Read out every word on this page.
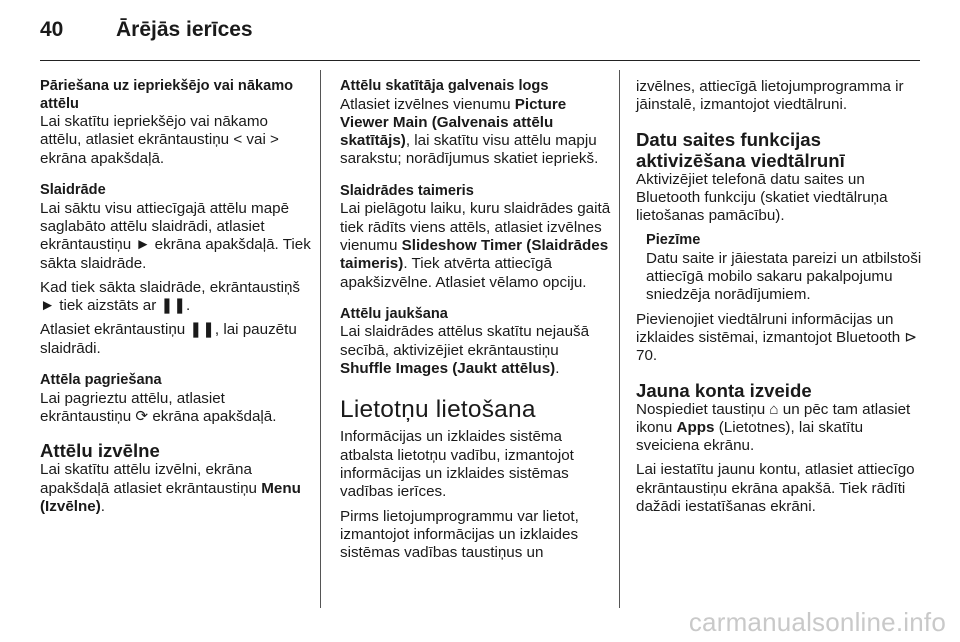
40	Ārējās ierīces
Pāriešana uz iepriekšējo vai nākamo attēlu

Lai skatītu iepriekšējo vai nākamo attēlu, atlasiet ekrāntaustiņu < vai > ekrāna apakšdaļā.

Slaidrāde

Lai sāktu visu attiecīgajā attēlu mapē saglabāto attēlu slaidrādi, atlasiet ekrāntaustiņu ► ekrāna apakšdaļā. Tiek sākta slaidrāde.

Kad tiek sākta slaidrāde, ekrāntaustiņš ► tiek aizstāts ar ❚❚.

Atlasiet ekrāntaustiņu ❚❚, lai pauzētu slaidrādi.

Attēla pagriešana

Lai pagrieztu attēlu, atlasiet ekrāntaustiņu ⟳ ekrāna apakšdaļā.

Attēlu izvēlne

Lai skatītu attēlu izvēlni, ekrāna apakšdaļā atlasiet ekrāntaustiņu Menu (Izvēlne).

Attēlu skatītāja galvenais logs

Atlasiet izvēlnes vienumu Picture Viewer Main (Galvenais attēlu skatītājs), lai skatītu visu attēlu mapju sarakstu; norādījumus skatiet iepriekš.

Slaidrādes taimeris

Lai pielāgotu laiku, kuru slaidrādes gaitā tiek rādīts viens attēls, atlasiet izvēlnes vienumu Slideshow Timer (Slaidrādes taimeris). Tiek atvērta attiecīgā apakšizvēlne. Atlasiet vēlamo opciju.

Attēlu jaukšana

Lai slaidrādes attēlus skatītu nejaušā secībā, aktivizējiet ekrāntaustiņu Shuffle Images (Jaukt attēlus).

Lietotņu lietošana

Informācijas un izklaides sistēma atbalsta lietotņu vadību, izmantojot informācijas un izklaides sistēmas vadības ierīces.

Pirms lietojumprogrammu var lietot, izmantojot informācijas un izklaides sistēmas vadības taustiņus un

izvēlnes, attiecīgā lietojumprogramma ir jāinstalē, izmantojot viedtālruni.

Datu saites funkcijas aktivizēšana viedtālrunī

Aktivizējiet telefonā datu saites un Bluetooth funkciju (skatiet viedtālruņa lietošanas pamācību).

Piezīme

Datu saite ir jāiestata pareizi un atbilstoši attiecīgā mobilo sakaru pakalpojumu sniedzēja norādījumiem.

Pievienojiet viedtālruni informācijas un izklaides sistēmai, izmantojot Bluetooth ⊳ 70.

Jauna konta izveide

Nospiediet taustiņu ⌂ un pēc tam atlasiet ikonu Apps (Lietotnes), lai skatītu sveiciena ekrānu.

Lai iestatītu jaunu kontu, atlasiet attiecīgo ekrāntaustiņu ekrāna apakšā. Tiek rādīti dažādi iestatīšanas ekrāni.

carmanualsonline.info
